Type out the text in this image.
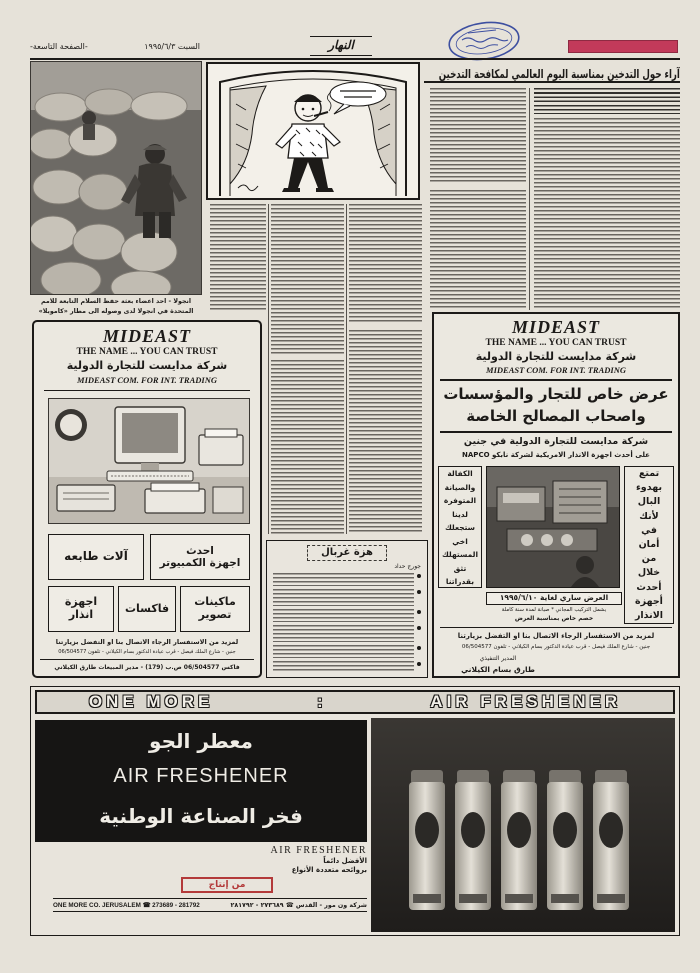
السبت ١٩٩٥/٦/٣
-الصفحة التاسعة-	النهار
انجولا - احد اعضاء بعثة حفظ السلام التابعة للامم المتحدة في انجولا لدى وصوله الى مطار «كاموبلا»
آراء حول التدخين بمناسبة اليوم العالمي لمكافحة التدخين
MIDEAST
THE NAME ... YOU CAN TRUST
شركة مدايست للتجارة الدولية
MIDEAST COM. FOR INT. TRADING
احدث
اجهزة الكمبيوتر
آلات طابعه
ماكينات
تصوير
فاكسات
اجهزة
انذار
لمزيد من الاستفسار الرجاء الاتصال بنا او التفضل بزيارتنا
جنين - شارع الملك فيصل - قرب عيادة الدكتور بسام الكيلاني - تلفون 06/504577
فاكس 06/504577 ص.ب (179) - مدير المبيعات طارق الكيلاني
هزة غربال
جورج حداد
MIDEAST
THE NAME ... YOU CAN TRUST
شركة مدايست للتجارة الدولية
MIDEAST COM. FOR INT. TRADING
عرض خاص للتجار والمؤسسات
واصحاب المصالح الخاصة
شركة مدايست للتجارة الدولية في جنين
على أحدث اجهزة الانذار الامريكية لشركة نابكو NAPCO
الكفالة
والصيانة
المتوفرة
لدينا
ستجعلك
اخي
المستهلك
تثق
بقدراتنا
تمتع
بهدوء
البال
لأنك
في
أمان
من
خلال
أحدث
أجهزة
الانذار
العرض ساري لغاية ١٩٩٥/٦/١٠
يشمل التركيب المجاني * صيانة لمدة سنة كاملة
خصم خاص بمناسبة العرض
لمزيد من الاستفسار الرجاء الاتصال بنا او التفضل بزيارتنا
جنين - شارع الملك فيصل - قرب عيادة الدكتور بسام الكيلاني - تلفون 06/504577
المدير التنفيذي
طارق بسام الكيلاني
ONE MORE	:	AIR FRESHENER
معطر الجو
AIR FRESHENER
فخر الصناعة الوطنية
AIR FRESHENER
الأفضل دائماً
بروائحه متعددة الأنواع
من إنتاج
ONE MORE CO. JERUSALEM ☎ 273689 - 281792	شركة ون مور - القدس ☎ ٢٧٣٦٨٩ - ٢٨١٧٩٢
